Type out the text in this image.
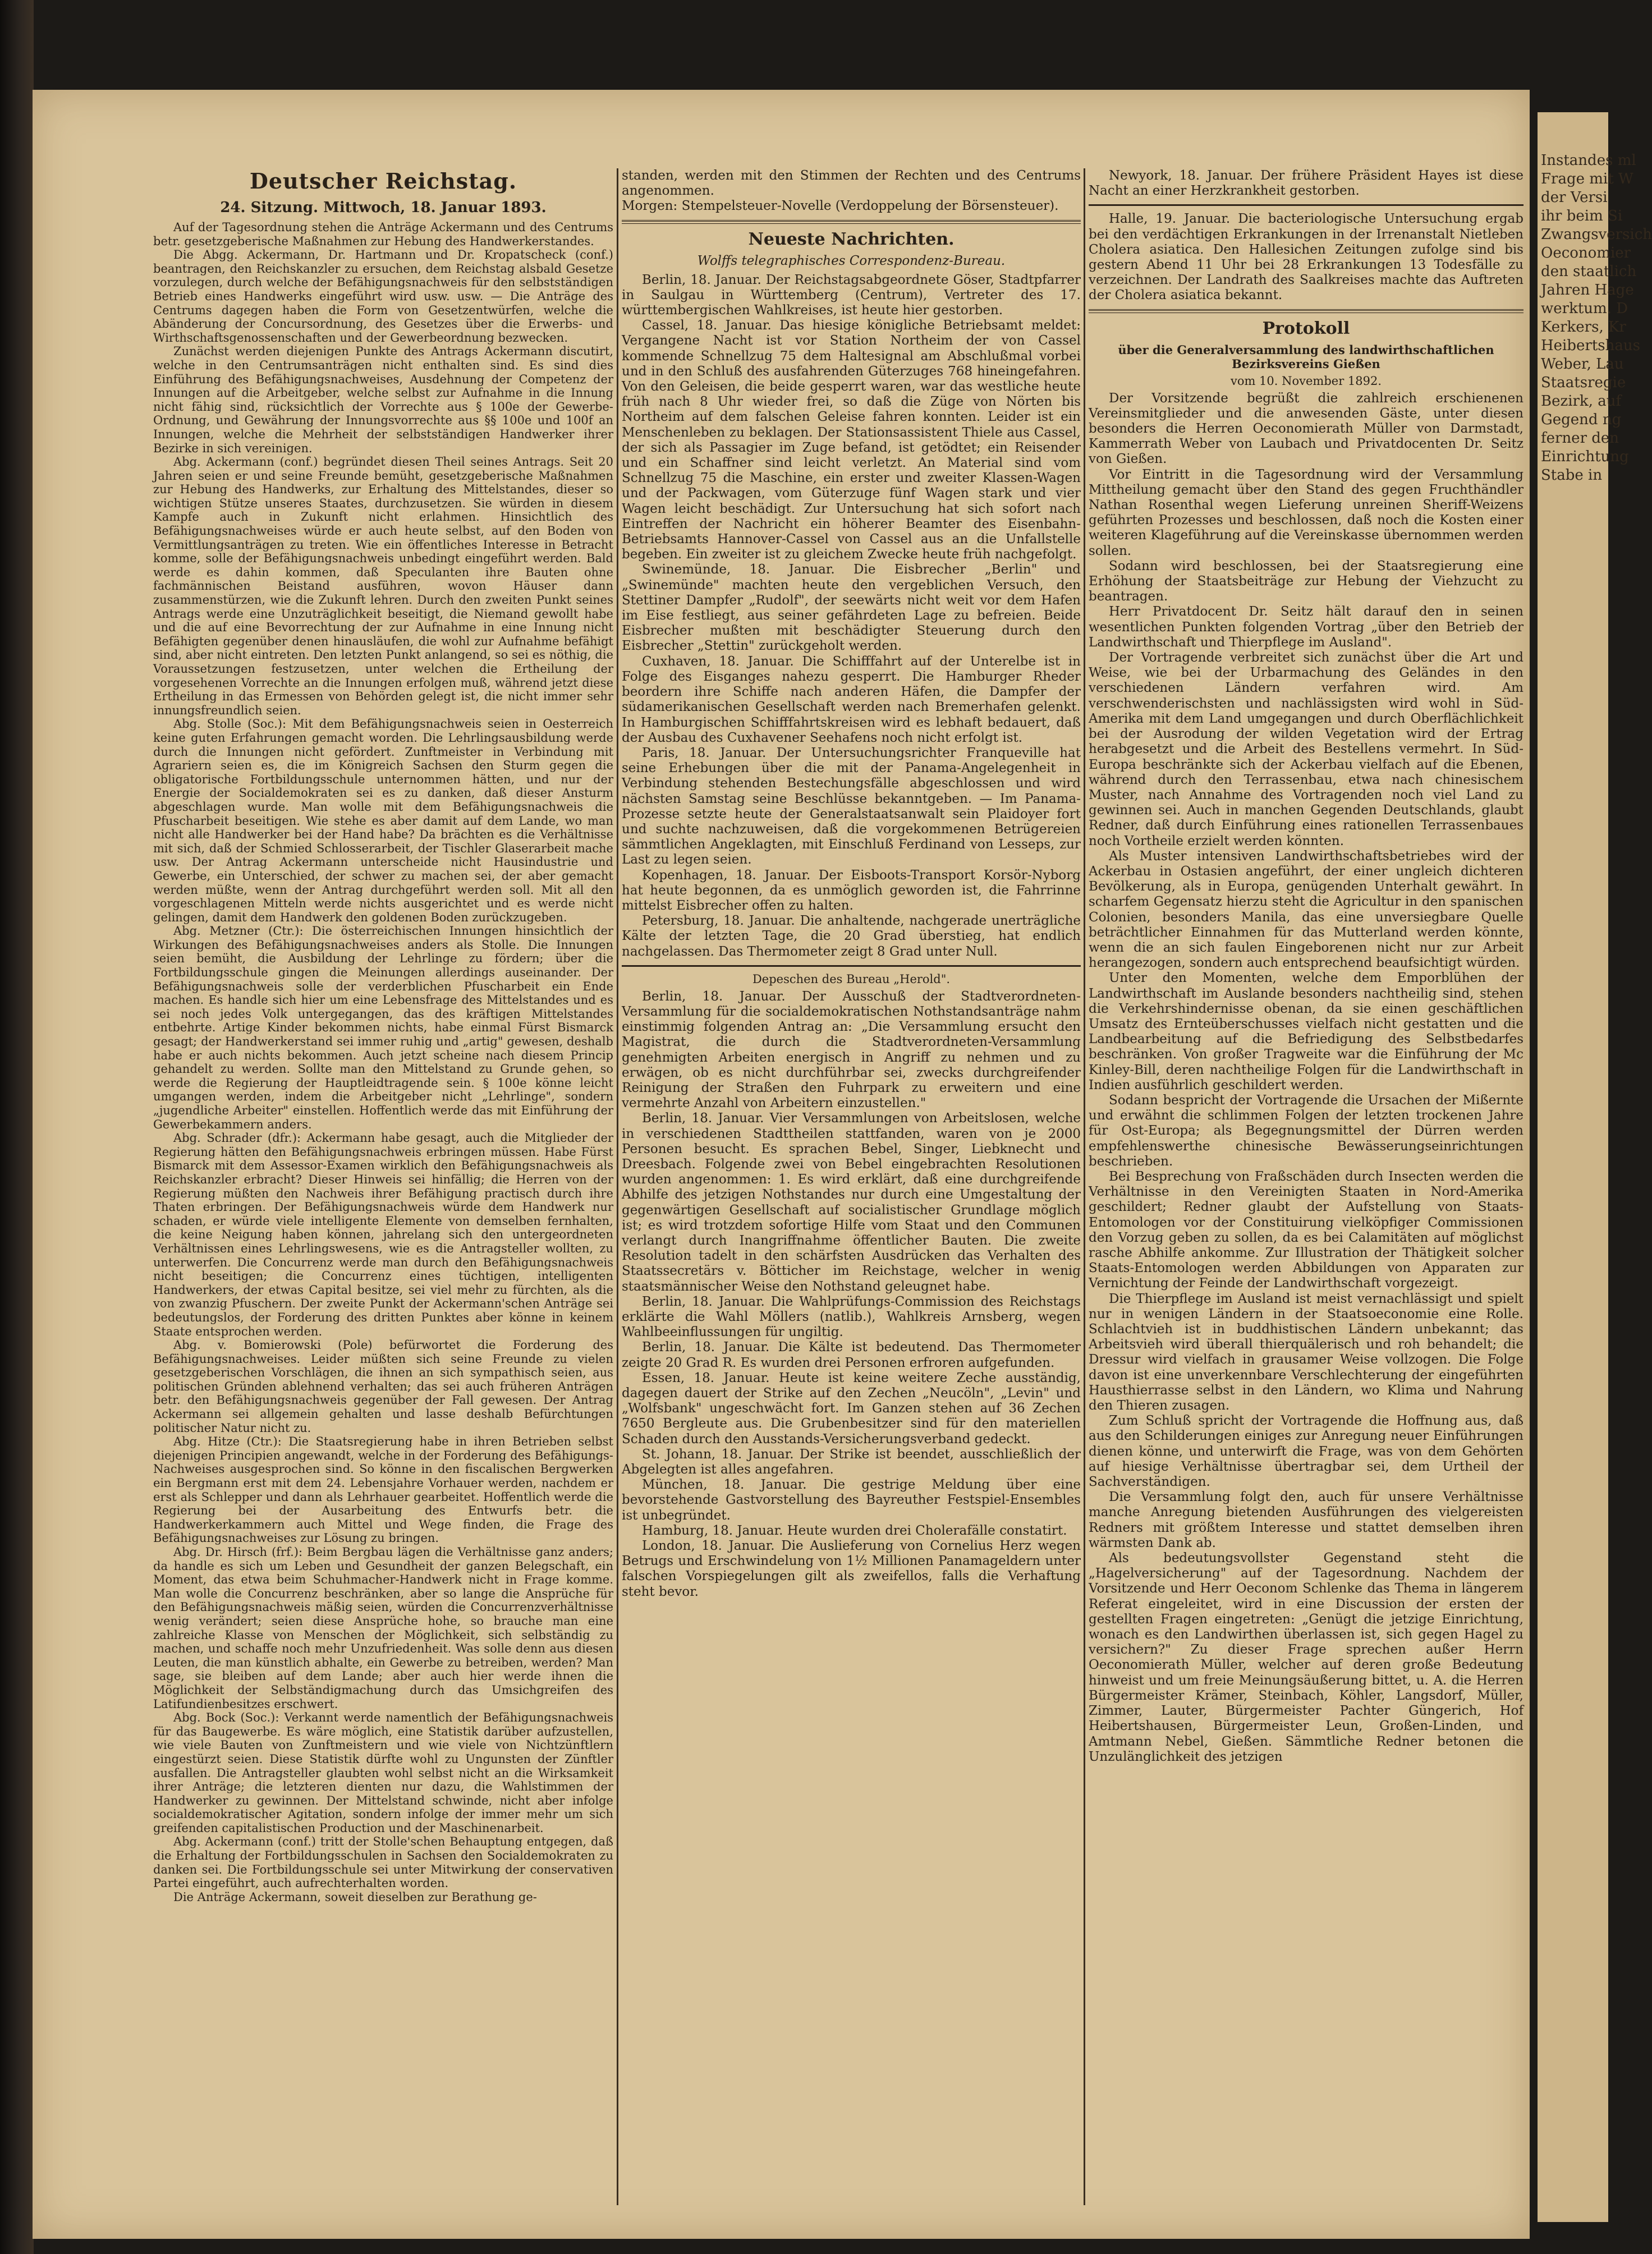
Deutscher Reichstag.
24. Sitzung. Mittwoch, 18. Januar 1893.

Auf der Tagesordnung stehen die Anträge Ackermann und des Centrums betr. gesetzgeberische Maßnahmen zur Hebung des Handwerkerstandes.

Die Abgg. Ackermann, Dr. Hartmann und Dr. Kropatscheck (conf.) beantragen, den Reichskanzler zu ersuchen, dem Reichstag alsbald Gesetze vorzulegen, durch welche der Befähigungsnachweis für den selbstständigen Betrieb eines Handwerks eingeführt wird usw. usw. — Die Anträge des Centrums dagegen haben die Form von Gesetzentwürfen, welche die Abänderung der Concursordnung, des Gesetzes über die Erwerbs- und Wirthschaftsgenossenschaften und der Gewerbeordnung bezwecken.

Zunächst werden diejenigen Punkte des Antrags Ackermann discutirt, welche in den Centrumsanträgen nicht enthalten sind. Es sind dies Einführung des Befähigungsnachweises, Ausdehnung der Competenz der Innungen auf die Arbeitgeber, welche selbst zur Aufnahme in die Innung nicht fähig sind, rücksichtlich der Vorrechte aus § 100e der Gewerbe-Ordnung, und Gewährung der Innungsvorrechte aus §§ 100e und 100f an Innungen, welche die Mehrheit der selbstständigen Handwerker ihrer Bezirke in sich vereinigen.

Abg. Ackermann (conf.) begründet diesen Theil seines Antrags. Seit 20 Jahren seien er und seine Freunde bemüht, gesetzgeberische Maßnahmen zur Hebung des Handwerks, zur Erhaltung des Mittelstandes, dieser so wichtigen Stütze unseres Staates, durchzusetzen. Sie würden in diesem Kampfe auch in Zukunft nicht erlahmen. Hinsichtlich des Befähigungsnachweises würde er auch heute selbst, auf den Boden von Vermittlungsanträgen zu treten. Wie ein öffentliches Interesse in Betracht komme, solle der Befähigungsnachweis unbedingt eingeführt werden. Bald werde es dahin kommen, daß Speculanten ihre Bauten ohne fachmännischen Beistand ausführen, wovon Häuser dann zusammenstürzen, wie die Zukunft lehren. Durch den zweiten Punkt seines Antrags werde eine Unzuträglichkeit beseitigt, die Niemand gewollt habe und die auf eine Bevorrechtung der zur Aufnahme in eine Innung nicht Befähigten gegenüber denen hinausläufen, die wohl zur Aufnahme befähigt sind, aber nicht eintreten. Den letzten Punkt anlangend, so sei es nöthig, die Voraussetzungen festzusetzen, unter welchen die Ertheilung der vorgesehenen Vorrechte an die Innungen erfolgen muß, während jetzt diese Ertheilung in das Ermessen von Behörden gelegt ist, die nicht immer sehr innungsfreundlich seien.

Abg. Stolle (Soc.): Mit dem Befähigungsnachweis seien in Oesterreich keine guten Erfahrungen gemacht worden. Die Lehrlingsausbildung werde durch die Innungen nicht gefördert. Zunftmeister in Verbindung mit Agrariern seien es, die im Königreich Sachsen den Sturm gegen die obligatorische Fortbildungsschule unternommen hätten, und nur der Energie der Socialdemokraten sei es zu danken, daß dieser Ansturm abgeschlagen wurde. Man wolle mit dem Befähigungsnachweis die Pfuscharbeit beseitigen. Wie stehe es aber damit auf dem Lande, wo man nicht alle Handwerker bei der Hand habe? Da brächten es die Verhältnisse mit sich, daß der Schmied Schlosserarbeit, der Tischler Glaserarbeit mache usw. Der Antrag Ackermann unterscheide nicht Hausindustrie und Gewerbe, ein Unterschied, der schwer zu machen sei, der aber gemacht werden müßte, wenn der Antrag durchgeführt werden soll. Mit all den vorgeschlagenen Mitteln werde nichts ausgerichtet und es werde nicht gelingen, damit dem Handwerk den goldenen Boden zurückzugeben.

Abg. Metzner (Ctr.): Die österreichischen Innungen hinsichtlich der Wirkungen des Befähigungsnachweises anders als Stolle. Die Innungen seien bemüht, die Ausbildung der Lehrlinge zu fördern; über die Fortbildungsschule gingen die Meinungen allerdings auseinander. Der Befähigungsnachweis solle der verderblichen Pfuscharbeit ein Ende machen. Es handle sich hier um eine Lebensfrage des Mittelstandes und es sei noch jedes Volk untergegangen, das des kräftigen Mittelstandes entbehrte. Artige Kinder bekommen nichts, habe einmal Fürst Bismarck gesagt; der Handwerkerstand sei immer ruhig und „artig" gewesen, deshalb habe er auch nichts bekommen. Auch jetzt scheine nach diesem Princip gehandelt zu werden. Sollte man den Mittelstand zu Grunde gehen, so werde die Regierung der Hauptleidtragende sein. § 100e könne leicht umgangen werden, indem die Arbeitgeber nicht „Lehrlinge", sondern „jugendliche Arbeiter" einstellen. Hoffentlich werde das mit Einführung der Gewerbekammern anders.

Abg. Schrader (dfr.): Ackermann habe gesagt, auch die Mitglieder der Regierung hätten den Befähigungsnachweis erbringen müssen. Habe Fürst Bismarck mit dem Assessor-Examen wirklich den Befähigungsnachweis als Reichskanzler erbracht? Dieser Hinweis sei hinfällig; die Herren von der Regierung müßten den Nachweis ihrer Befähigung practisch durch ihre Thaten erbringen. Der Befähigungsnachweis würde dem Handwerk nur schaden, er würde viele intelligente Elemente von demselben fernhalten, die keine Neigung haben können, jahrelang sich den untergeordneten Verhältnissen eines Lehrlingswesens, wie es die Antragsteller wollten, zu unterwerfen. Die Concurrenz werde man durch den Befähigungsnachweis nicht beseitigen; die Concurrenz eines tüchtigen, intelligenten Handwerkers, der etwas Capital besitze, sei viel mehr zu fürchten, als die von zwanzig Pfuschern. Der zweite Punkt der Ackermann'schen Anträge sei bedeutungslos, der Forderung des dritten Punktes aber könne in keinem Staate entsprochen werden.

Abg. v. Bomierowski (Pole) befürwortet die Forderung des Befähigungsnachweises. Leider müßten sich seine Freunde zu vielen gesetzgeberischen Vorschlägen, die ihnen an sich sympathisch seien, aus politischen Gründen ablehnend verhalten; das sei auch früheren Anträgen betr. den Befähigungsnachweis gegenüber der Fall gewesen. Der Antrag Ackermann sei allgemein gehalten und lasse deshalb Befürchtungen politischer Natur nicht zu.

Abg. Hitze (Ctr.): Die Staatsregierung habe in ihren Betrieben selbst diejenigen Principien angewandt, welche in der Forderung des Befähigungs-Nachweises ausgesprochen sind. So könne in den fiscalischen Bergwerken ein Bergmann erst mit dem 24. Lebensjahre Vorhauer werden, nachdem er erst als Schlepper und dann als Lehrhauer gearbeitet. Hoffentlich werde die Regierung bei der Ausarbeitung des Entwurfs betr. die Handwerkerkammern auch Mittel und Wege finden, die Frage des Befähigungsnachweises zur Lösung zu bringen.

Abg. Dr. Hirsch (frf.): Beim Bergbau lägen die Verhältnisse ganz anders; da handle es sich um Leben und Gesundheit der ganzen Belegschaft, ein Moment, das etwa beim Schuhmacher-Handwerk nicht in Frage komme. Man wolle die Concurrenz beschränken, aber so lange die Ansprüche für den Befähigungsnachweis mäßig seien, würden die Concurrenzverhältnisse wenig verändert; seien diese Ansprüche hohe, so brauche man eine zahlreiche Klasse von Menschen der Möglichkeit, sich selbständig zu machen, und schaffe noch mehr Unzufriedenheit. Was solle denn aus diesen Leuten, die man künstlich abhalte, ein Gewerbe zu betreiben, werden? Man sage, sie bleiben auf dem Lande; aber auch hier werde ihnen die Möglichkeit der Selbständigmachung durch das Umsichgreifen des Latifundienbesitzes erschwert.

Abg. Bock (Soc.): Verkannt werde namentlich der Befähigungsnachweis für das Baugewerbe. Es wäre möglich, eine Statistik darüber aufzustellen, wie viele Bauten von Zunftmeistern und wie viele von Nichtzünftlern eingestürzt seien. Diese Statistik dürfte wohl zu Ungunsten der Zünftler ausfallen. Die Antragsteller glaubten wohl selbst nicht an die Wirksamkeit ihrer Anträge; die letzteren dienten nur dazu, die Wahlstimmen der Handwerker zu gewinnen. Der Mittelstand schwinde, nicht aber infolge socialdemokratischer Agitation, sondern infolge der immer mehr um sich greifenden capitalistischen Production und der Maschinenarbeit.

Abg. Ackermann (conf.) tritt der Stolle'schen Behauptung entgegen, daß die Erhaltung der Fortbildungsschulen in Sachsen den Socialdemokraten zu danken sei. Die Fortbildungsschule sei unter Mitwirkung der conservativen Partei eingeführt, auch aufrechterhalten worden.

Die Anträge Ackermann, soweit dieselben zur Berathung ge-

standen, werden mit den Stimmen der Rechten und des Centrums angenommen.

Morgen: Stempelsteuer-Novelle (Verdoppelung der Börsensteuer).

Neueste Nachrichten.
Wolffs telegraphisches Correspondenz-Bureau.

Berlin, 18. Januar. Der Reichstagsabgeordnete Göser, Stadtpfarrer in Saulgau in Württemberg (Centrum), Vertreter des 17. württembergischen Wahlkreises, ist heute hier gestorben.

Cassel, 18. Januar. Das hiesige königliche Betriebsamt meldet: Vergangene Nacht ist vor Station Northeim der von Cassel kommende Schnellzug 75 dem Haltesignal am Abschlußmal vorbei und in den Schluß des ausfahrenden Güterzuges 768 hineingefahren. Von den Geleisen, die beide gesperrt waren, war das westliche heute früh nach 8 Uhr wieder frei, so daß die Züge von Nörten bis Northeim auf dem falschen Geleise fahren konnten. Leider ist ein Menschenleben zu beklagen. Der Stationsassistent Thiele aus Cassel, der sich als Passagier im Zuge befand, ist getödtet; ein Reisender und ein Schaffner sind leicht verletzt. An Material sind vom Schnellzug 75 die Maschine, ein erster und zweiter Klassen-Wagen und der Packwagen, vom Güterzuge fünf Wagen stark und vier Wagen leicht beschädigt. Zur Untersuchung hat sich sofort nach Eintreffen der Nachricht ein höherer Beamter des Eisenbahn-Betriebsamts Hannover-Cassel von Cassel aus an die Unfallstelle begeben. Ein zweiter ist zu gleichem Zwecke heute früh nachgefolgt.

Swinemünde, 18. Januar. Die Eisbrecher „Berlin" und „Swinemünde" machten heute den vergeblichen Versuch, den Stettiner Dampfer „Rudolf", der seewärts nicht weit vor dem Hafen im Eise festliegt, aus seiner gefährdeten Lage zu befreien. Beide Eisbrecher mußten mit beschädigter Steuerung durch den Eisbrecher „Stettin" zurückgeholt werden.

Cuxhaven, 18. Januar. Die Schifffahrt auf der Unterelbe ist in Folge des Eisganges nahezu gesperrt. Die Hamburger Rheder beordern ihre Schiffe nach anderen Häfen, die Dampfer der südamerikanischen Gesellschaft werden nach Bremerhafen gelenkt. In Hamburgischen Schifffahrtskreisen wird es lebhaft bedauert, daß der Ausbau des Cuxhavener Seehafens noch nicht erfolgt ist.

Paris, 18. Januar. Der Untersuchungsrichter Franqueville hat seine Erhebungen über die mit der Panama-Angelegenheit in Verbindung stehenden Bestechungsfälle abgeschlossen und wird nächsten Samstag seine Beschlüsse bekanntgeben. — Im Panama-Prozesse setzte heute der Generalstaatsanwalt sein Plaidoyer fort und suchte nachzuweisen, daß die vorgekommenen Betrügereien sämmtlichen Angeklagten, mit Einschluß Ferdinand von Lesseps, zur Last zu legen seien.

Kopenhagen, 18. Januar. Der Eisboots-Transport Korsör-Nyborg hat heute begonnen, da es unmöglich geworden ist, die Fahrrinne mittelst Eisbrecher offen zu halten.

Petersburg, 18. Januar. Die anhaltende, nachgerade unerträgliche Kälte der letzten Tage, die 20 Grad überstieg, hat endlich nachgelassen. Das Thermometer zeigt 8 Grad unter Null.

Depeschen des Bureau „Herold".

Berlin, 18. Januar. Der Ausschuß der Stadtverordneten-Versammlung für die socialdemokratischen Nothstandsanträge nahm einstimmig folgenden Antrag an: „Die Versammlung ersucht den Magistrat, die durch die Stadtverordneten-Versammlung genehmigten Arbeiten energisch in Angriff zu nehmen und zu erwägen, ob es nicht durchführbar sei, zwecks durchgreifender Reinigung der Straßen den Fuhrpark zu erweitern und eine vermehrte Anzahl von Arbeitern einzustellen."

Berlin, 18. Januar. Vier Versammlungen von Arbeitslosen, welche in verschiedenen Stadttheilen stattfanden, waren von je 2000 Personen besucht. Es sprachen Bebel, Singer, Liebknecht und Dreesbach. Folgende zwei von Bebel eingebrachten Resolutionen wurden angenommen: 1. Es wird erklärt, daß eine durchgreifende Abhilfe des jetzigen Nothstandes nur durch eine Umgestaltung der gegenwärtigen Gesellschaft auf socialistischer Grundlage möglich ist; es wird trotzdem sofortige Hilfe vom Staat und den Communen verlangt durch Inangriffnahme öffentlicher Bauten. Die zweite Resolution tadelt in den schärfsten Ausdrücken das Verhalten des Staatssecretärs v. Bötticher im Reichstage, welcher in wenig staatsmännischer Weise den Nothstand geleugnet habe.

Berlin, 18. Januar. Die Wahlprüfungs-Commission des Reichstags erklärte die Wahl Möllers (natlib.), Wahlkreis Arnsberg, wegen Wahlbeeinflussungen für ungiltig.

Berlin, 18. Januar. Die Kälte ist bedeutend. Das Thermometer zeigte 20 Grad R. Es wurden drei Personen erfroren aufgefunden.

Essen, 18. Januar. Heute ist keine weitere Zeche ausständig, dagegen dauert der Strike auf den Zechen „Neucöln", „Levin" und „Wolfsbank" ungeschwächt fort. Im Ganzen stehen auf 36 Zechen 7650 Bergleute aus. Die Grubenbesitzer sind für den materiellen Schaden durch den Ausstands-Versicherungsverband gedeckt.

St. Johann, 18. Januar. Der Strike ist beendet, ausschließlich der Abgelegten ist alles angefahren.

München, 18. Januar. Die gestrige Meldung über eine bevorstehende Gastvorstellung des Bayreuther Festspiel-Ensembles ist unbegründet.

Hamburg, 18. Januar. Heute wurden drei Cholerafälle constatirt.

London, 18. Januar. Die Auslieferung von Cornelius Herz wegen Betrugs und Erschwindelung von 1½ Millionen Panamageldern unter falschen Vorspiegelungen gilt als zweifellos, falls die Verhaftung steht bevor.

Newyork, 18. Januar. Der frühere Präsident Hayes ist diese Nacht an einer Herzkrankheit gestorben.

Halle, 19. Januar. Die bacteriologische Untersuchung ergab bei den verdächtigen Erkrankungen in der Irrenanstalt Nietleben Cholera asiatica. Den Hallesichen Zeitungen zufolge sind bis gestern Abend 11 Uhr bei 28 Erkrankungen 13 Todesfälle zu verzeichnen. Der Landrath des Saalkreises machte das Auftreten der Cholera asiatica bekannt.

Protokoll
über die Generalversammlung des landwirthschaftlichen Bezirksvereins Gießen
vom 10. November 1892.

Der Vorsitzende begrüßt die zahlreich erschienenen Vereinsmitglieder und die anwesenden Gäste, unter diesen besonders die Herren Oeconomierath Müller von Darmstadt, Kammerrath Weber von Laubach und Privatdocenten Dr. Seitz von Gießen.

Vor Eintritt in die Tagesordnung wird der Versammlung Mittheilung gemacht über den Stand des gegen Fruchthändler Nathan Rosenthal wegen Lieferung unreinen Sheriff-Weizens geführten Prozesses und beschlossen, daß noch die Kosten einer weiteren Klageführung auf die Vereinskasse übernommen werden sollen.

Sodann wird beschlossen, bei der Staatsregierung eine Erhöhung der Staatsbeiträge zur Hebung der Viehzucht zu beantragen.

Herr Privatdocent Dr. Seitz hält darauf den in seinen wesentlichen Punkten folgenden Vortrag „über den Betrieb der Landwirthschaft und Thierpflege im Ausland".

Der Vortragende verbreitet sich zunächst über die Art und Weise, wie bei der Urbarmachung des Geländes in den verschiedenen Ländern verfahren wird. Am verschwenderischsten und nachlässigsten wird wohl in Süd-Amerika mit dem Land umgegangen und durch Oberflächlichkeit bei der Ausrodung der wilden Vegetation wird der Ertrag herabgesetzt und die Arbeit des Bestellens vermehrt. In Süd-Europa beschränkte sich der Ackerbau vielfach auf die Ebenen, während durch den Terrassenbau, etwa nach chinesischem Muster, nach Annahme des Vortragenden noch viel Land zu gewinnen sei. Auch in manchen Gegenden Deutschlands, glaubt Redner, daß durch Einführung eines rationellen Terrassenbaues noch Vortheile erzielt werden könnten.

Als Muster intensiven Landwirthschaftsbetriebes wird der Ackerbau in Ostasien angeführt, der einer ungleich dichteren Bevölkerung, als in Europa, genügenden Unterhalt gewährt. In scharfem Gegensatz hierzu steht die Agricultur in den spanischen Colonien, besonders Manila, das eine unversiegbare Quelle beträchtlicher Einnahmen für das Mutterland werden könnte, wenn die an sich faulen Eingeborenen nicht nur zur Arbeit herangezogen, sondern auch entsprechend beaufsichtigt würden.

Unter den Momenten, welche dem Emporblühen der Landwirthschaft im Auslande besonders nachtheilig sind, stehen die Verkehrshindernisse obenan, da sie einen geschäftlichen Umsatz des Ernteüberschusses vielfach nicht gestatten und die Landbearbeitung auf die Befriedigung des Selbstbedarfes beschränken. Von großer Tragweite war die Einführung der Mc Kinley-Bill, deren nachtheilige Folgen für die Landwirthschaft in Indien ausführlich geschildert werden.

Sodann bespricht der Vortragende die Ursachen der Mißernte und erwähnt die schlimmen Folgen der letzten trockenen Jahre für Ost-Europa; als Begegnungsmittel der Dürren werden empfehlenswerthe chinesische Bewässerungseinrichtungen beschrieben.

Bei Besprechung von Fraßschäden durch Insecten werden die Verhältnisse in den Vereinigten Staaten in Nord-Amerika geschildert; Redner glaubt der Aufstellung von Staats-Entomologen vor der Constituirung vielköpfiger Commissionen den Vorzug geben zu sollen, da es bei Calamitäten auf möglichst rasche Abhilfe ankomme. Zur Illustration der Thätigkeit solcher Staats-Entomologen werden Abbildungen von Apparaten zur Vernichtung der Feinde der Landwirthschaft vorgezeigt.

Die Thierpflege im Ausland ist meist vernachlässigt und spielt nur in wenigen Ländern in der Staatsoeconomie eine Rolle. Schlachtvieh ist in buddhistischen Ländern unbekannt; das Arbeitsvieh wird überall thierquälerisch und roh behandelt; die Dressur wird vielfach in grausamer Weise vollzogen. Die Folge davon ist eine unverkennbare Verschlechterung der eingeführten Hausthierrasse selbst in den Ländern, wo Klima und Nahrung den Thieren zusagen.

Zum Schluß spricht der Vortragende die Hoffnung aus, daß aus den Schilderungen einiges zur Anregung neuer Einführungen dienen könne, und unterwirft die Frage, was von dem Gehörten auf hiesige Verhältnisse übertragbar sei, dem Urtheil der Sachverständigen.

Die Versammlung folgt den, auch für unsere Verhältnisse manche Anregung bietenden Ausführungen des vielgereisten Redners mit größtem Interesse und stattet demselben ihren wärmsten Dank ab.

Als bedeutungsvollster Gegenstand steht die „Hagelversicherung" auf der Tagesordnung. Nachdem der Vorsitzende und Herr Oeconom Schlenke das Thema in längerem Referat eingeleitet, wird in eine Discussion der ersten der gestellten Fragen eingetreten: „Genügt die jetzige Einrichtung, wonach es den Landwirthen überlassen ist, sich gegen Hagel zu versichern?" Zu dieser Frage sprechen außer Herrn Oeconomierath Müller, welcher auf deren große Bedeutung hinweist und um freie Meinungsäußerung bittet, u. A. die Herren Bürgermeister Krämer, Steinbach, Köhler, Langsdorf, Müller, Zimmer, Lauter, Bürgermeister Pachter Güngerich, Hof Heibertshausen, Bürgermeister Leun, Großen-Linden, und Amtmann Nebel, Gießen. Sämmtliche Redner betonen die Unzulänglichkeit des jetzigen

Instandes ml
Frage mit W
der Versi
ihr beim Si
Zwangsversich
Oeconomier
den staatlich
Jahren Hage
werktum. D
Kerkers, Kr
Heibertshaus
Weber, Lau
Staatsregie
Bezirk, auf
Gegend ng
ferner den
Einrichtung
Stabe in
